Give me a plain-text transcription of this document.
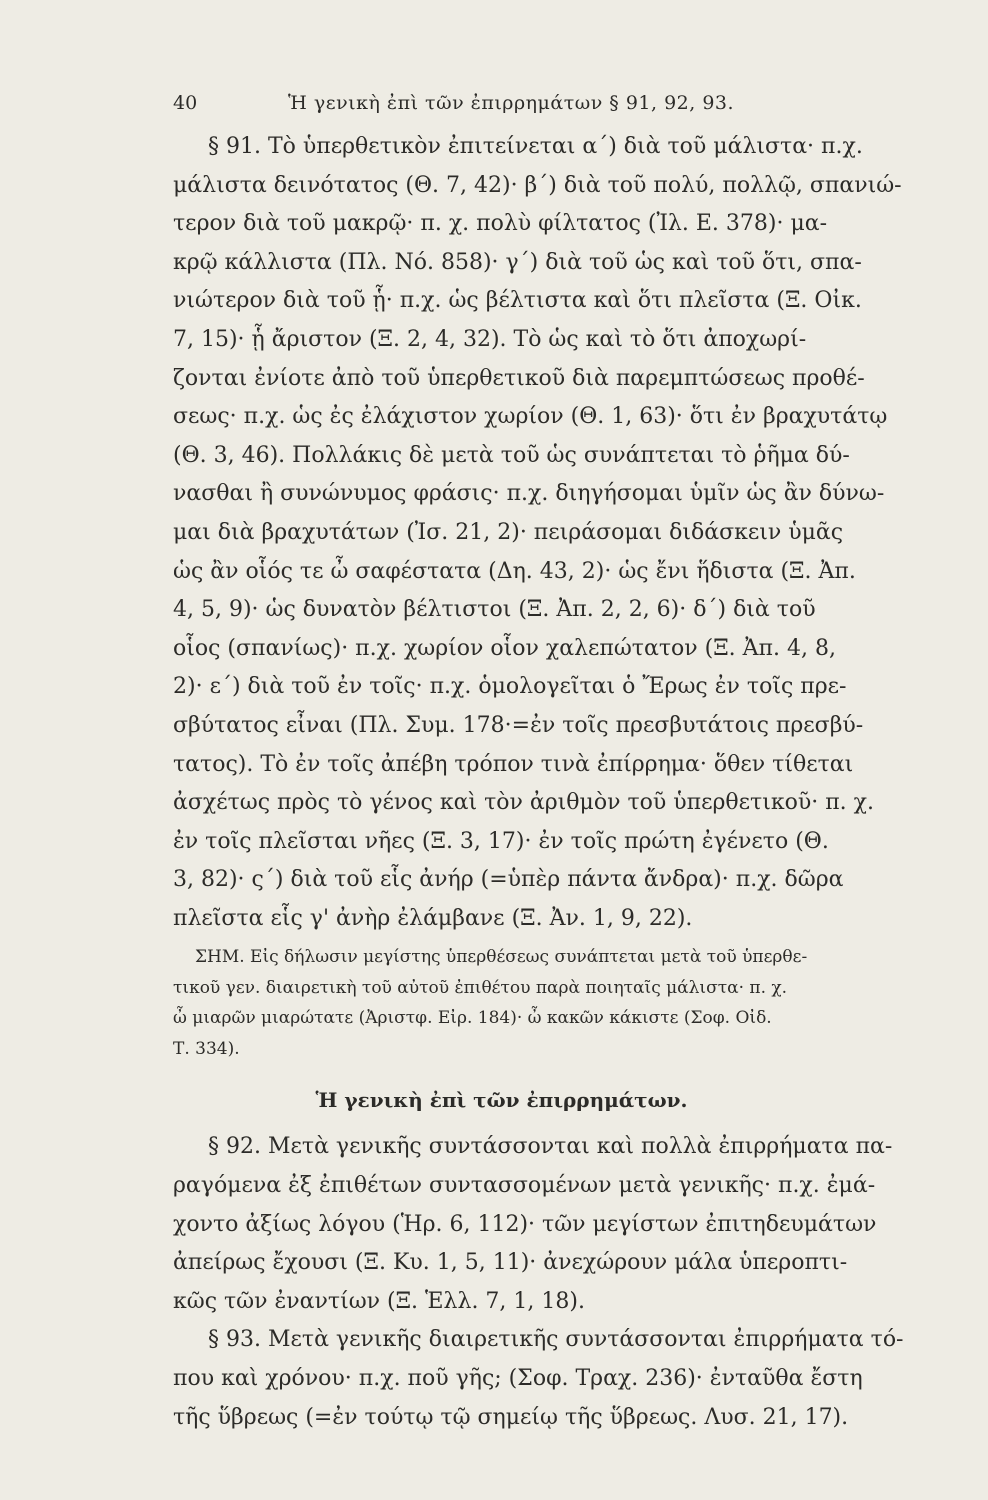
40	Ἡ γενικὴ ἐπὶ τῶν ἐπιρρημάτων § 91, 92, 93.
§ 91. Τὸ ὑπερθετικὸν ἐπιτείνεται α΄) διὰ τοῦ μάλιστα· π.χ.
μάλιστα δεινότατος (Θ. 7, 42)· β΄) διὰ τοῦ πολύ, πολλῷ, σπανιώ-
τερον διὰ τοῦ μακρῷ· π. χ. πολὺ φίλτατος (Ἰλ. Ε. 378)· μα-
κρῷ κάλλιστα (Πλ. Νό. 858)· γ΄) διὰ τοῦ ὡς καὶ τοῦ ὅτι, σπα-
νιώτερον διὰ τοῦ ᾗ· π.χ. ὡς βέλτιστα καὶ ὅτι πλεῖστα (Ξ. Οἰκ.
7, 15)· ᾗ ἄριστον (Ξ. 2, 4, 32). Τὸ ὡς καὶ τὸ ὅτι ἀποχωρί-
ζονται ἐνίοτε ἀπὸ τοῦ ὑπερθετικοῦ διὰ παρεμπτώσεως προθέ-
σεως· π.χ. ὡς ἐς ἐλάχιστον χωρίον (Θ. 1, 63)· ὅτι ἐν βραχυτάτῳ
(Θ. 3, 46). Πολλάκις δὲ μετὰ τοῦ ὡς συνάπτεται τὸ ῥῆμα δύ-
νασθαι ἢ συνώνυμος φράσις· π.χ. διηγήσομαι ὑμῖν ὡς ἂν δύνω-
μαι διὰ βραχυτάτων (Ἰσ. 21, 2)· πειράσομαι διδάσκειν ὑμᾶς
ὡς ἂν οἷός τε ὦ σαφέστατα (Δη. 43, 2)· ὡς ἔνι ἥδιστα (Ξ. Ἀπ.
4, 5, 9)· ὡς δυνατὸν βέλτιστοι (Ξ. Ἀπ. 2, 2, 6)· δ΄) διὰ τοῦ
οἷος (σπανίως)· π.χ. χωρίον οἷον χαλεπώτατον (Ξ. Ἀπ. 4, 8,
2)· ε΄) διὰ τοῦ ἐν τοῖς· π.χ. ὁμολογεῖται ὁ Ἔρως ἐν τοῖς πρε-
σβύτατος εἶναι (Πλ. Συμ. 178·=ἐν τοῖς πρεσβυτάτοις πρεσβύ-
τατος). Τὸ ἐν τοῖς ἀπέβη τρόπον τινὰ ἐπίρρημα· ὅθεν τίθεται
ἀσχέτως πρὸς τὸ γένος καὶ τὸν ἀριθμὸν τοῦ ὑπερθετικοῦ· π. χ.
ἐν τοῖς πλεῖσται νῆες (Ξ. 3, 17)· ἐν τοῖς πρώτη ἐγένετο (Θ.
3, 82)· ς΄) διὰ τοῦ εἷς ἀνήρ (=ὑπὲρ πάντα ἄνδρα)· π.χ. δῶρα
πλεῖστα εἷς γ' ἀνὴρ ἐλάμβανε (Ξ. Ἀν. 1, 9, 22).
ΣΗΜ. Εἰς δήλωσιν μεγίστης ὑπερθέσεως συνάπτεται μετὰ τοῦ ὑπερθε-
τικοῦ γεν. διαιρετικὴ τοῦ αὐτοῦ ἐπιθέτου παρὰ ποιηταῖς μάλιστα· π. χ.
ὦ μιαρῶν μιαρώτατε (Ἀριστφ. Εἰρ. 184)· ὦ κακῶν κάκιστε (Σοφ. Οἰδ.
Τ. 334).
Ἡ γενικὴ ἐπὶ τῶν ἐπιρρημάτων.
§ 92. Μετὰ γενικῆς συντάσσονται καὶ πολλὰ ἐπιρρήματα πα-
ραγόμενα ἐξ ἐπιθέτων συντασσομένων μετὰ γενικῆς· π.χ. ἐμά-
χοντο ἀξίως λόγου (Ἡρ. 6, 112)· τῶν μεγίστων ἐπιτηδευμάτων
ἀπείρως ἔχουσι (Ξ. Κυ. 1, 5, 11)· ἀνεχώρουν μάλα ὑπεροπτι-
κῶς τῶν ἐναντίων (Ξ. Ἑλλ. 7, 1, 18).
§ 93. Μετὰ γενικῆς διαιρετικῆς συντάσσονται ἐπιρρήματα τό-
που καὶ χρόνου· π.χ. ποῦ γῆς; (Σοφ. Τραχ. 236)· ἐνταῦθα ἔστη
τῆς ὕβρεως (=ἐν τούτῳ τῷ σημείῳ τῆς ὕβρεως. Λυσ. 21, 17).
